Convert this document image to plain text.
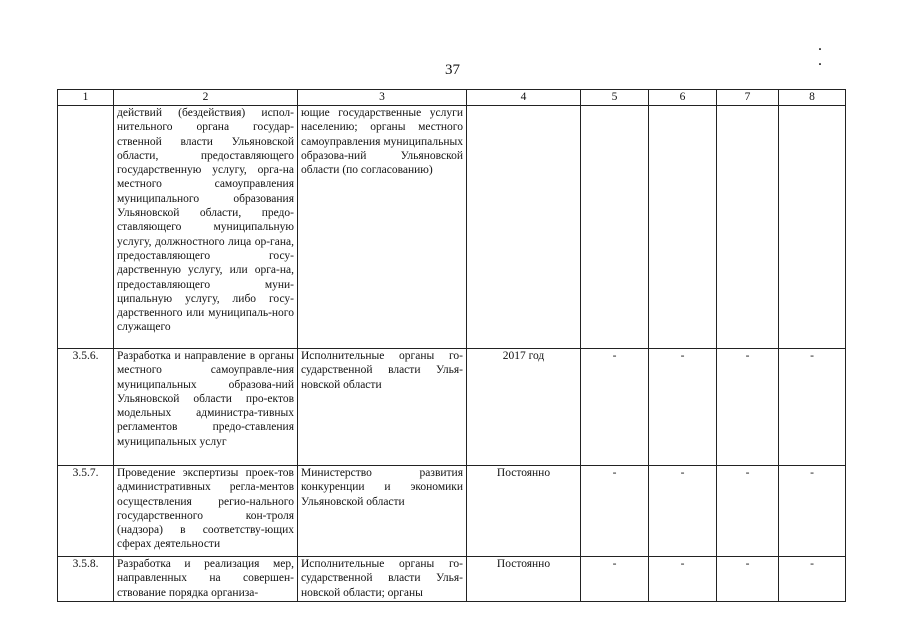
37
· ·
1	2	3	4	5	6	7	8
	действий (бездействия) испол-нительного органа государ-ственной власти Ульяновской области, предоставляющего государственную услугу, орга-на местного самоуправления муниципального образования Ульяновской области, предо-ставляющего муниципальную услугу, должностного лица ор-гана, предоставляющего госу-дарственную услугу, или орга-на, предоставляющего муни-ципальную услугу, либо госу-дарственного или муниципаль-ного служащего	ющие государственные услуги населению; органы местного самоуправления муниципальных образова-ний Ульяновской области (по согласованию)					
3.5.6.	Разработка и направление в органы местного самоуправле-ния муниципальных образова-ний Ульяновской области про-ектов модельных администра-тивных регламентов предо-ставления муниципальных услуг	Исполнительные органы го-сударственной власти Улья-новской области	2017 год	-	-	-	-
3.5.7.	Проведение экспертизы проек-тов административных регла-ментов осуществления регио-нального государственного кон-троля (надзора) в соответству-ющих сферах деятельности	Министерство развития конкуренции и экономики Ульяновской области	Постоянно	-	-	-	-
3.5.8.	Разработка и реализация мер, направленных на совершен-ствование порядка организа-	Исполнительные органы го-сударственной власти Улья-новской области; органы	Постоянно	-	-	-	-
